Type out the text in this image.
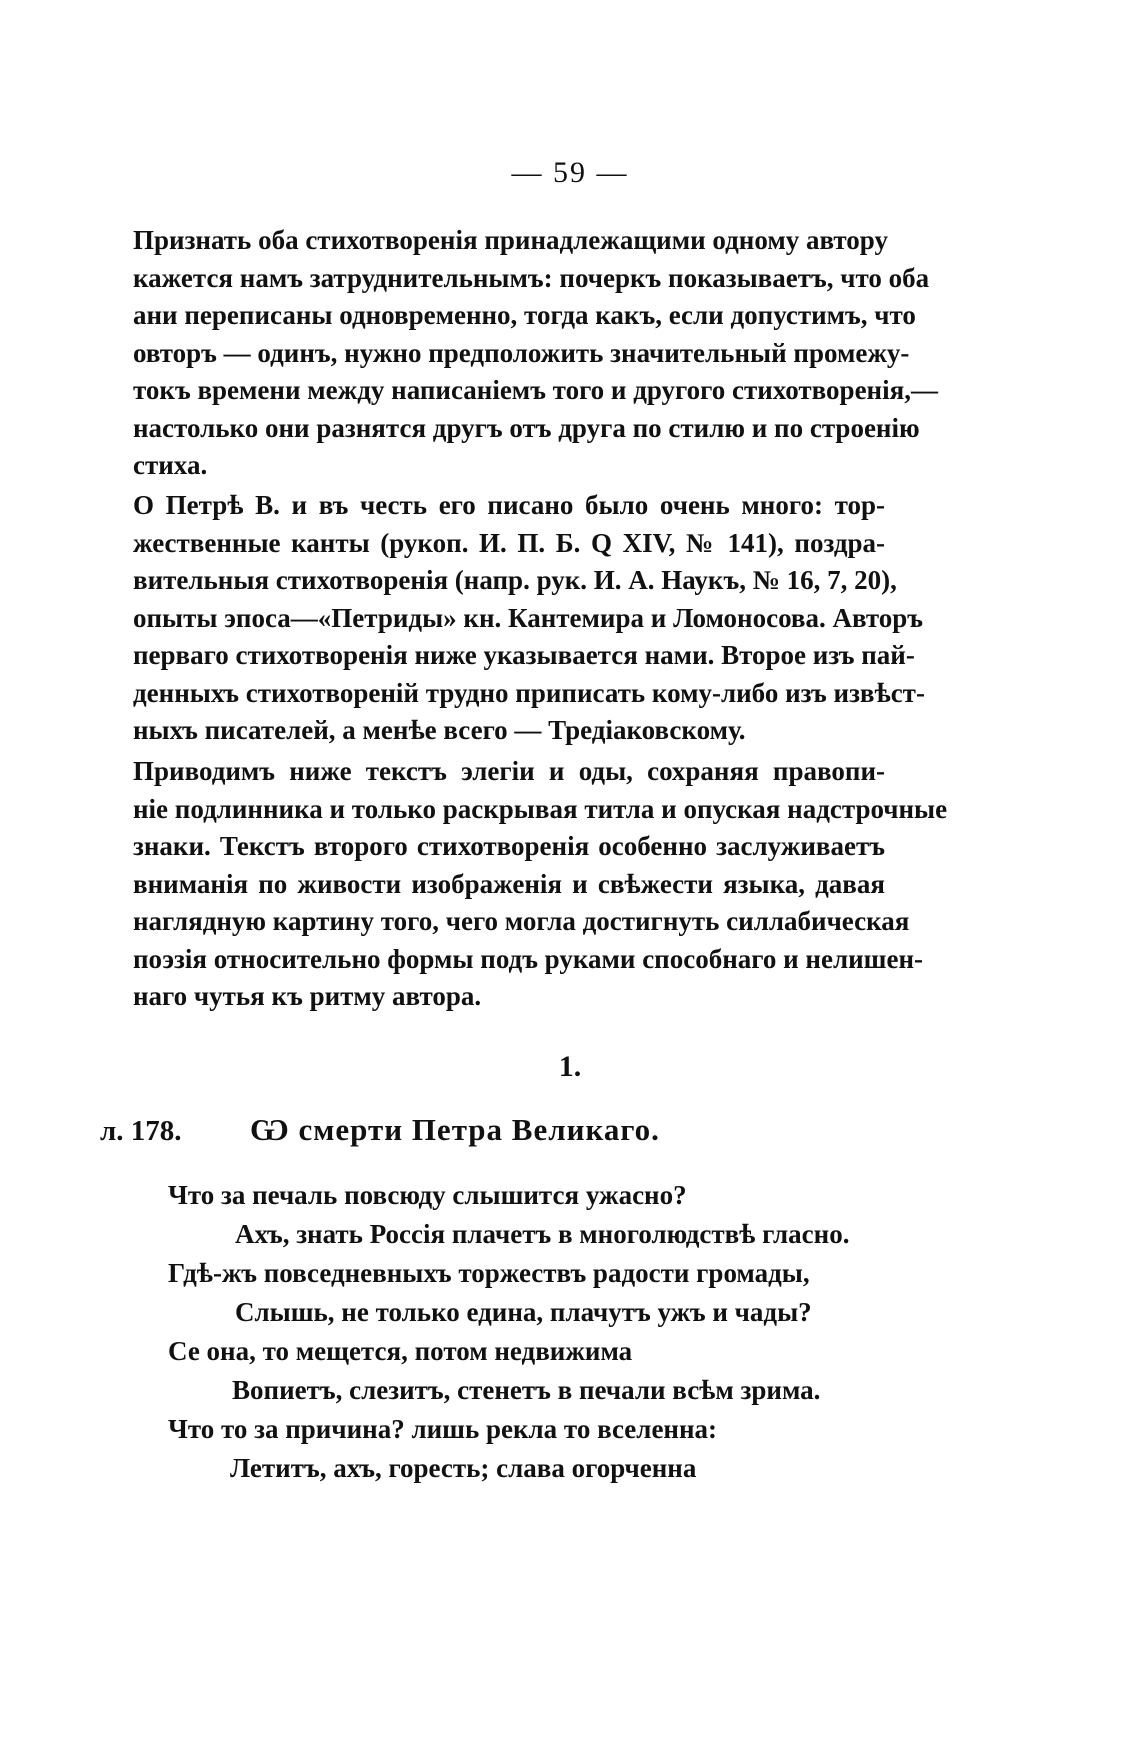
— 59 —
Признать оба стихотворенія принадлежащими одному автору
кажется намъ затруднительнымъ: почеркъ показываетъ, что оба
ани переписаны одновременно, тогда какъ, если допустимъ, что
овторъ — одинъ, нужно предположить значительный промежу-
токъ времени между написаніемъ того и другого стихотворенія,—
настолько они разнятся другъ отъ друга по стилю и по строенію
стиха.
О Петрѣ В. и въ честь его писано было очень много: тор-
жественные канты (рукоп. И. П. Б. Q XIV, № 141), поздра-
вительныя стихотворенія (напр. рук. И. А. Наукъ, № 16, 7, 20),
опыты эпоса—«Петриды» кн. Кантемира и Ломоносова. Авторъ
перваго стихотворенія ниже указывается нами. Второе изъ пай-
денныхъ стихотвореній трудно приписать кому-либо изъ извѣст-
ныхъ писателей, а менѣе всего — Тредіаковскому.
Приводимъ ниже текстъ элегіи и оды, сохраняя правопи-
ніе подлинника и только раскрывая титла и опуская надстрочные
знаки. Текстъ второго стихотворенія особенно заслуживаетъ
вниманія по живости изображенія и свѣжести языка, давая
наглядную картину того, чего могла достигнуть силлабическая
поэзія относительно формы подъ руками способнаго и нелишен-
наго чутья къ ритму автора.
1.
л. 178. Ѡ смерти Петра Великаго.
Что за печаль повсюду слышится ужасно?
Ахъ, знать Россія плачетъ в многолюдствѣ гласно.
Гдѣ-жъ повседневныхъ торжествъ радости громады,
Слышь, не только едина, плачутъ ужъ и чады?
Се она, то мещется, потом недвижима
Вопиетъ, слезитъ, стенетъ в печали всѣм зрима.
Что то за причина? лишь рекла то вселенна:
Летитъ, ахъ, горесть; слава огорченна
